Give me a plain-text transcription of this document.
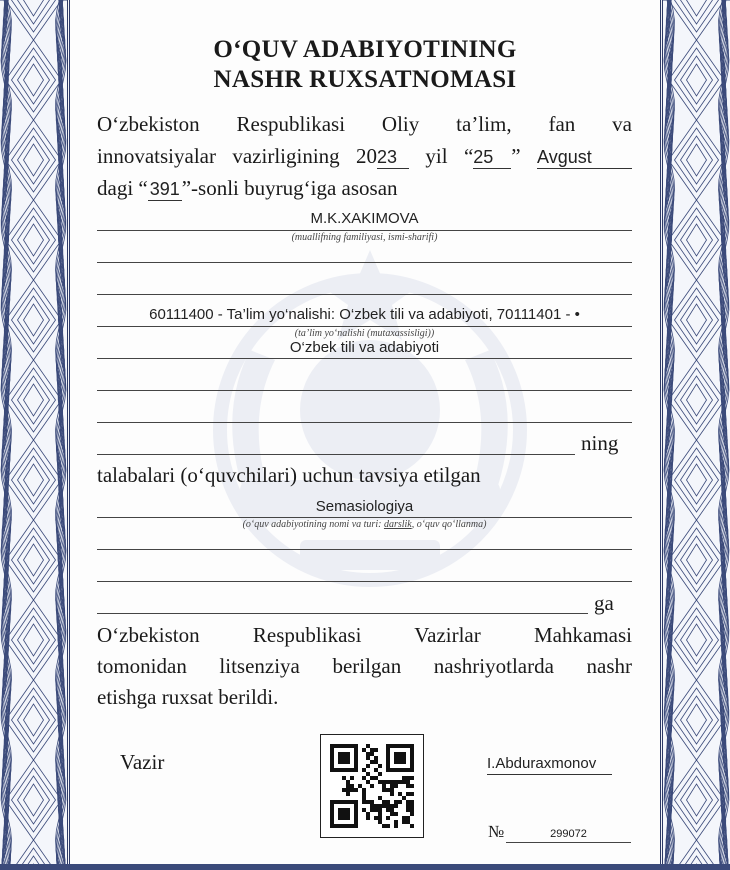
O‘QUV ADABIYOTINING
NASHR RUXSATNOMASI
O‘zbekiston Respublikasi Oliy ta’lim, fan va
innovatsiyalar vazirligining 2023 yil “25 ” Avgust
dagi “ 391”-sonli buyrug‘iga asosan
M.K.XAKIMOVA
(muallifning familiyasi, ismi-sharifi)
60111400 - Ta’lim yo‘nalishi: O‘zbek tili va adabiyoti, 70111401 - •
(ta’lim yo‘nalishi (mutaxassisligi))
O‘zbek tili va adabiyoti
ning
talabalari (o‘quvchilari) uchun tavsiya etilgan
Semasiologiya
(o‘quv adabiyotining nomi va turi: darslik, o‘quv qo‘llanma)
ga
O‘zbekiston Respublikasi Vazirlar Mahkamasi
tomonidan litsenziya berilgan nashriyotlarda nashr
etishga ruxsat berildi.
Vazir	I.Abduraxmonov
№	299072
